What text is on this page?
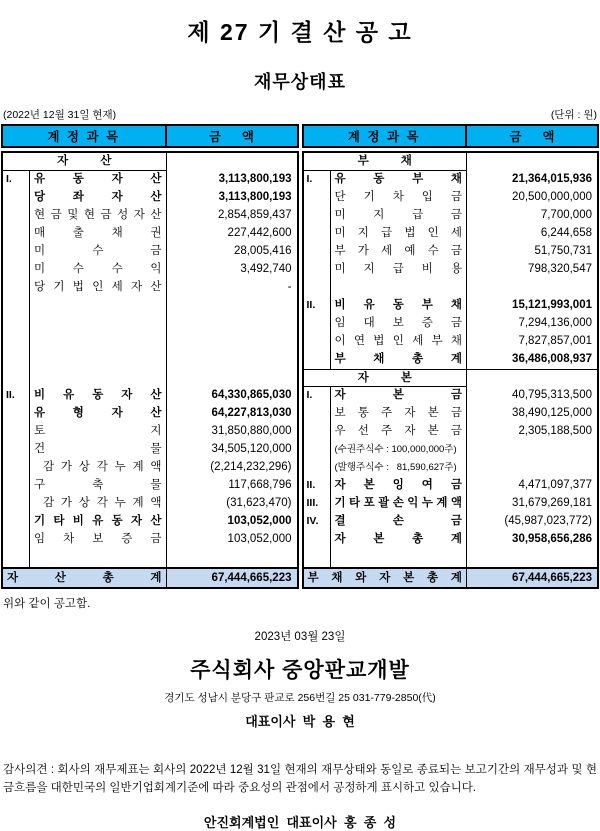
제 27 기 결 산 공 고
재무상태표
(2022년 12월 31일 현재)	(단위 : 원)
계 정 과 목	금      액
자          산
I.	유 동 자 산	3,113,800,193
당 좌 자 산	3,113,800,193
현 금 및 현 금 성 자 산	2,854,859,437
매 출 채 권	227,442,600
미 수 금	28,005,416
미 수 수 익	3,492,740
당 기 법 인 세 자 산	-
II.	비 유 동 자 산	64,330,865,030
유 형 자 산	64,227,813,030
토 지	31,850,880,000
건 물	34,505,120,000
감 가 상 각 누 계 액	(2,214,232,296)
구 축 물	117,668,796
감 가 상 각 누 계 액	(31,623,470)
기 타 비 유 동 자 산	103,052,000
임 차 보 증 금	103,052,000
자 산 총 계	67,444,665,223
계 정 과 목	금      액
부          채
I.	유 동 부 채	21,364,015,936
단 기 차 입 금	20,500,000,000
미 지 급 금	7,700,000
미 지 급 법 인 세	6,244,658
부 가 세 예 수 금	51,750,731
미 지 급 비 용	798,320,547
II.	비 유 동 부 채	15,121,993,001
임 대 보 증 금	7,294,136,000
이 연 법 인 세 부 채	7,827,857,001
부 채 총 계	36,486,008,937
자          본
I.	자 본 금	40,795,313,500
보 통 주 자 본 금	38,490,125,000
우 선 주 자 본 금	2,305,188,500
(수권주식수 : 100,000,000주)
(발행주식수 :   81,590,627주)
II.	자 본 잉 여 금	4,471,097,377
III.	기 타 포 괄 손 익 누 계 액	31,679,269,181
IV.	결 손 금	(45,987,023,772)
자 본 총 계	30,958,656,286
부 채 와 자 본 총 계	67,444,665,223
위와 같이 공고함.
2023년 03월 23일
주식회사 중앙판교개발
경기도 성남시 분당구 판교로 256번길 25 031-779-2850(代)
대표이사  박  용  현
감사의견 : 회사의 재무제표는 회사의 2022년 12월 31일 현재의 재무상태와 동일로 종료되는 보고기간의 재무성과 및 현금흐름을 대한민국의 일반기업회계기준에 따라 중요성의 관점에서 공정하게 표시하고 있습니다.
안진회계법인  대표이사  홍  종  성
